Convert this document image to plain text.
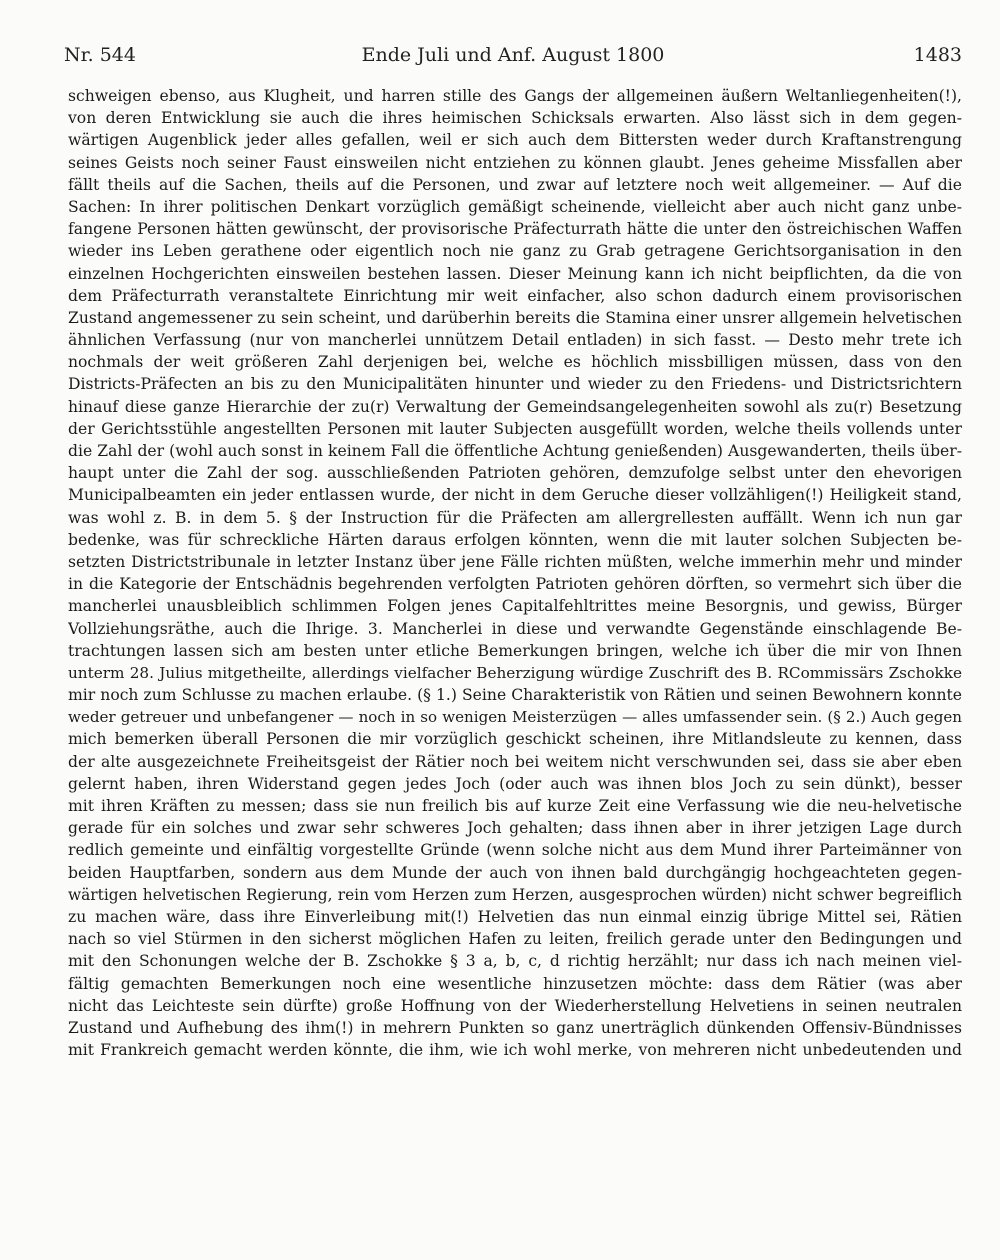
Nr. 544	Ende Juli und Anf. August 1800	1483
schweigen ebenso, aus Klugheit, und harren stille des Gangs der allgemeinen äußern Weltanliegenheiten(!),
von deren Entwicklung sie auch die ihres heimischen Schicksals erwarten. Also lässt sich in dem gegen-
wärtigen Augenblick jeder alles gefallen, weil er sich auch dem Bittersten weder durch Kraftanstrengung
seines Geists noch seiner Faust einsweilen nicht entziehen zu können glaubt. Jenes geheime Missfallen aber
fällt theils auf die Sachen, theils auf die Personen, und zwar auf letztere noch weit allgemeiner. — Auf die
Sachen: In ihrer politischen Denkart vorzüglich gemäßigt scheinende, vielleicht aber auch nicht ganz unbe-
fangene Personen hätten gewünscht, der provisorische Präfecturrath hätte die unter den östreichischen Waffen
wieder ins Leben gerathene oder eigentlich noch nie ganz zu Grab getragene Gerichtsorganisation in den
einzelnen Hochgerichten einsweilen bestehen lassen. Dieser Meinung kann ich nicht beipflichten, da die von
dem Präfecturrath veranstaltete Einrichtung mir weit einfacher, also schon dadurch einem provisorischen
Zustand angemessener zu sein scheint, und darüberhin bereits die Stamina einer unsrer allgemein helvetischen
ähnlichen Verfassung (nur von mancherlei unnützem Detail entladen) in sich fasst. — Desto mehr trete ich
nochmals der weit größeren Zahl derjenigen bei, welche es höchlich missbilligen müssen, dass von den
Districts-Präfecten an bis zu den Municipalitäten hinunter und wieder zu den Friedens- und Districtsrichtern
hinauf diese ganze Hierarchie der zu(r) Verwaltung der Gemeindsangelegenheiten sowohl als zu(r) Besetzung
der Gerichtsstühle angestellten Personen mit lauter Subjecten ausgefüllt worden, welche theils vollends unter
die Zahl der (wohl auch sonst in keinem Fall die öffentliche Achtung genießenden) Ausgewanderten, theils über-
haupt unter die Zahl der sog. ausschließenden Patrioten gehören, demzufolge selbst unter den ehevorigen
Municipalbeamten ein jeder entlassen wurde, der nicht in dem Geruche dieser vollzähligen(!) Heiligkeit stand,
was wohl z. B. in dem 5. § der Instruction für die Präfecten am allergrellesten auffällt. Wenn ich nun gar
bedenke, was für schreckliche Härten daraus erfolgen könnten, wenn die mit lauter solchen Subjecten be-
setzten Districtstribunale in letzter Instanz über jene Fälle richten müßten, welche immerhin mehr und minder
in die Kategorie der Entschädnis begehrenden verfolgten Patrioten gehören dörften, so vermehrt sich über die
mancherlei unausbleiblich schlimmen Folgen jenes Capitalfehltrittes meine Besorgnis, und gewiss, Bürger
Vollziehungsräthe, auch die Ihrige. 3. Mancherlei in diese und verwandte Gegenstände einschlagende Be-
trachtungen lassen sich am besten unter etliche Bemerkungen bringen, welche ich über die mir von Ihnen
unterm 28. Julius mitgetheilte, allerdings vielfacher Beherzigung würdige Zuschrift des B. RCommissärs Zschokke
mir noch zum Schlusse zu machen erlaube. (§ 1.) Seine Charakteristik von Rätien und seinen Bewohnern konnte
weder getreuer und unbefangener — noch in so wenigen Meisterzügen — alles umfassender sein. (§ 2.) Auch gegen
mich bemerken überall Personen die mir vorzüglich geschickt scheinen, ihre Mitlandsleute zu kennen, dass
der alte ausgezeichnete Freiheitsgeist der Rätier noch bei weitem nicht verschwunden sei, dass sie aber eben
gelernt haben, ihren Widerstand gegen jedes Joch (oder auch was ihnen blos Joch zu sein dünkt), besser
mit ihren Kräften zu messen; dass sie nun freilich bis auf kurze Zeit eine Verfassung wie die neu-helvetische
gerade für ein solches und zwar sehr schweres Joch gehalten; dass ihnen aber in ihrer jetzigen Lage durch
redlich gemeinte und einfältig vorgestellte Gründe (wenn solche nicht aus dem Mund ihrer Parteimänner von
beiden Hauptfarben, sondern aus dem Munde der auch von ihnen bald durchgängig hochgeachteten gegen-
wärtigen helvetischen Regierung, rein vom Herzen zum Herzen, ausgesprochen würden) nicht schwer begreiflich
zu machen wäre, dass ihre Einverleibung mit(!) Helvetien das nun einmal einzig übrige Mittel sei, Rätien
nach so viel Stürmen in den sicherst möglichen Hafen zu leiten, freilich gerade unter den Bedingungen und
mit den Schonungen welche der B. Zschokke § 3 a, b, c, d richtig herzählt; nur dass ich nach meinen viel-
fältig gemachten Bemerkungen noch eine wesentliche hinzusetzen möchte: dass dem Rätier (was aber
nicht das Leichteste sein dürfte) große Hoffnung von der Wiederherstellung Helvetiens in seinen neutralen
Zustand und Aufhebung des ihm(!) in mehrern Punkten so ganz unerträglich dünkenden Offensiv-Bündnisses
mit Frankreich gemacht werden könnte, die ihm, wie ich wohl merke, von mehreren nicht unbedeutenden und
